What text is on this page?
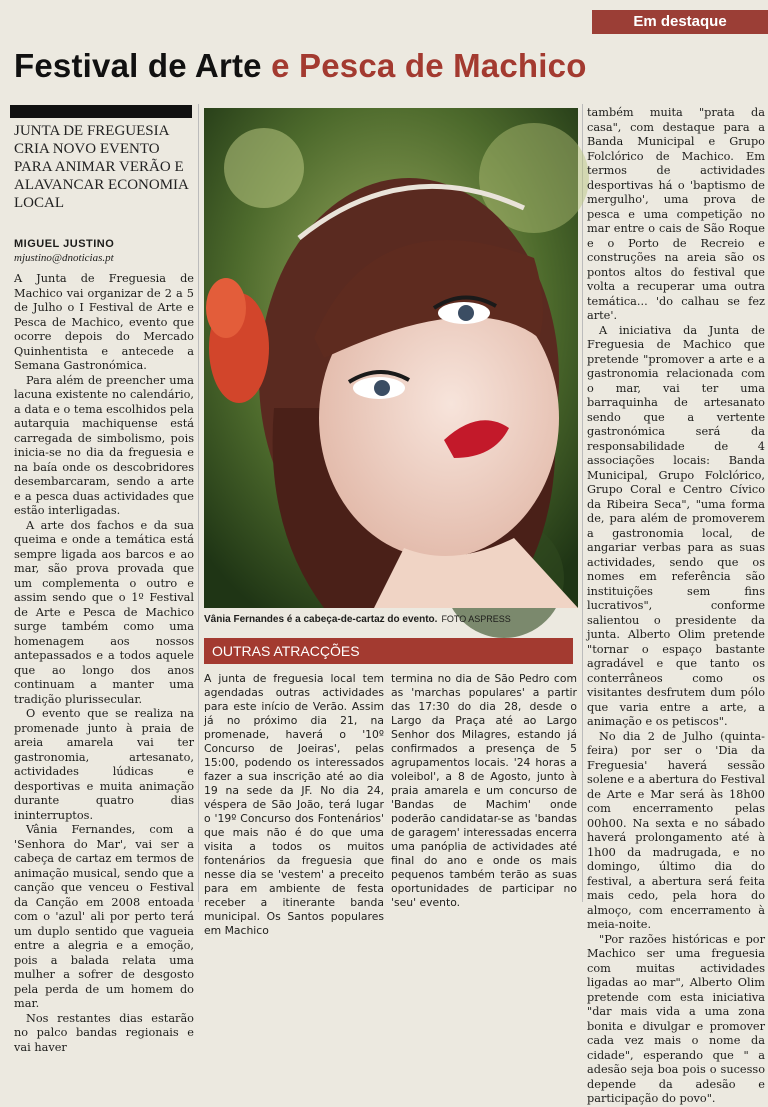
Em destaque
Festival de Arte e Pesca de Machico

JUNTA DE FREGUESIA CRIA NOVO EVENTO PARA ANIMAR VERÃO E ALAVANCAR ECONOMIA LOCAL

MIGUEL JUSTINO
mjustino@dnoticias.pt

A Junta de Freguesia de Machico vai organizar de 2 a 5 de Julho o I Festival de Arte e Pesca de Machico, evento que ocorre depois do Mercado Quinhentista e antecede a Semana Gastronómica.

Para além de preencher uma lacuna existente no calendário, a data e o tema escolhidos pela autarquia machiquense está carregada de simbolismo, pois inicia-se no dia da freguesia e na baía onde os descobridores desembarcaram, sendo a arte e a pesca duas actividades que estão interligadas.

A arte dos fachos e da sua queima e onde a temática está sempre ligada aos barcos e ao mar, são prova provada que um complementa o outro e assim sendo que o 1º Festival de Arte e Pesca de Machico surge também como uma homenagem aos nossos antepassados e a todos aquele que ao longo dos anos continuam a manter uma tradição plurissecular.

O evento que se realiza na promenade junto à praia de areia amarela vai ter gastronomia, artesanato, actividades lúdicas e desportivas e muita animação durante quatro dias ininterruptos.

Vânia Fernandes, com a 'Senhora do Mar', vai ser a cabeça de cartaz em termos de animação musical, sendo que a canção que venceu o Festival da Canção em 2008 entoada com o 'azul' ali por perto terá um duplo sentido que vagueia entre a alegria e a emoção, pois a balada relata uma mulher a sofrer de desgosto pela perda de um homem do mar.

Nos restantes dias estarão no palco bandas regionais e vai haver

Vânia Fernandes é a cabeça-de-cartaz do evento. FOTO ASPRESS
OUTRAS ATRACÇÕES

A junta de freguesia local tem agendadas outras actividades para este início de Verão. Assim já no próximo dia 21, na promenade, haverá o '10º Concurso de Joeiras', pelas 15:00, podendo os interessados fazer a sua inscrição até ao dia 19 na sede da JF. No dia 24, véspera de São João, terá lugar o '19º Concurso dos Fontenários' que mais não é do que uma visita a todos os muitos fontenários da freguesia que nesse dia se 'vestem' a preceito para em ambiente de festa receber a itinerante banda municipal. Os Santos populares em Machico

termina no dia de São Pedro com as 'marchas populares' a partir das 17:30 do dia 28, desde o Largo da Praça até ao Largo Senhor dos Milagres, estando já confirmados a presença de 5 agrupamentos locais. '24 horas a voleibol', a 8 de Agosto, junto à praia amarela e um concurso de 'Bandas de Machim' onde poderão candidatar-se as 'bandas de garagem' interessadas encerra uma panóplia de actividades até final do ano e onde os mais pequenos também terão as suas oportunidades de participar no 'seu' evento.

também muita "prata da casa", com destaque para a Banda Municipal e Grupo Folclórico de Machico. Em termos de actividades desportivas há o 'baptismo de mergulho', uma prova de pesca e uma competição no mar entre o cais de São Roque e o Porto de Recreio e construções na areia são os pontos altos do festival que volta a recuperar uma outra temática... 'do calhau se fez arte'.

A iniciativa da Junta de Freguesia de Machico que pretende "promover a arte e a gastronomia relacionada com o mar, vai ter uma barraquinha de artesanato sendo que a vertente gastronómica será da responsabilidade de 4 associações locais: Banda Municipal, Grupo Folclórico, Grupo Coral e Centro Cívico da Ribeira Seca", "uma forma de, para além de promoverem a gastronomia local, de angariar verbas para as suas actividades, sendo que os nomes em referência são instituições sem fins lucrativos", conforme salientou o presidente da junta. Alberto Olim pretende "tornar o espaço bastante agradável e que tanto os conterrâneos como os visitantes desfrutem dum pólo que varia entre a arte, a animação e os petiscos".

No dia 2 de Julho (quinta-feira) por ser o 'Dia da Freguesia' haverá sessão solene e a abertura do Festival de Arte e Mar será às 18h00 com encerramento pelas 00h00. Na sexta e no sábado haverá prolongamento até à 1h00 da madrugada, e no domingo, último dia do festival, a abertura será feita mais cedo, pela hora do almoço, com encerramento à meia-noite.

"Por razões históricas e por Machico ser uma freguesia com muitas actividades ligadas ao mar", Alberto Olim pretende com esta iniciativa "dar mais vida a uma zona bonita e divulgar e promover cada vez mais o nome da cidade", esperando que " a adesão seja boa pois o sucesso depende da adesão e participação do povo".
